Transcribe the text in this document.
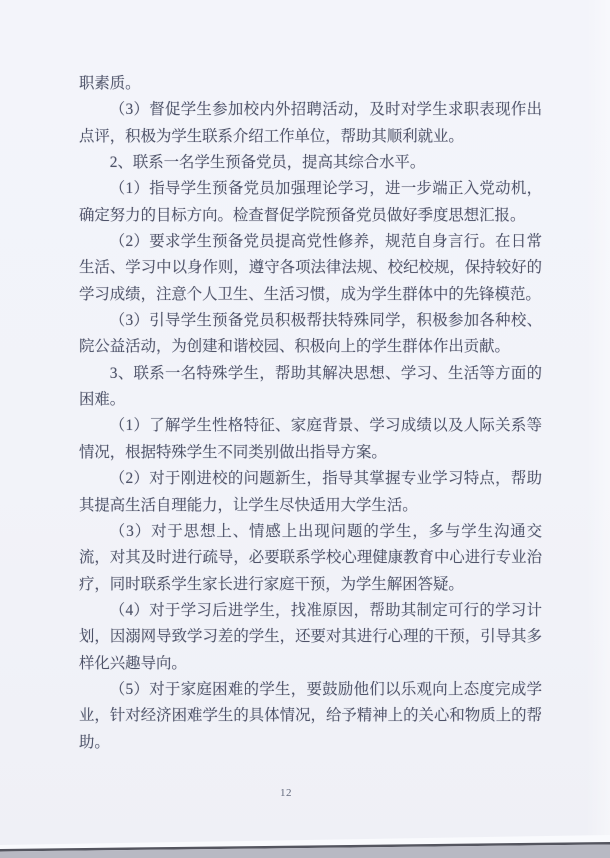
职素质。

（3）督促学生参加校内外招聘活动，及时对学生求职表现作出点评，积极为学生联系介绍工作单位，帮助其顺利就业。

2、联系一名学生预备党员，提高其综合水平。

（1）指导学生预备党员加强理论学习，进一步端正入党动机，确定努力的目标方向。检查督促学院预备党员做好季度思想汇报。

（2）要求学生预备党员提高党性修养，规范自身言行。在日常生活、学习中以身作则，遵守各项法律法规、校纪校规，保持较好的学习成绩，注意个人卫生、生活习惯，成为学生群体中的先锋模范。

（3）引导学生预备党员积极帮扶特殊同学，积极参加各种校、院公益活动，为创建和谐校园、积极向上的学生群体作出贡献。

3、联系一名特殊学生，帮助其解决思想、学习、生活等方面的困难。

（1）了解学生性格特征、家庭背景、学习成绩以及人际关系等情况，根据特殊学生不同类别做出指导方案。

（2）对于刚进校的问题新生，指导其掌握专业学习特点，帮助其提高生活自理能力，让学生尽快适用大学生活。

（3）对于思想上、情感上出现问题的学生，多与学生沟通交流，对其及时进行疏导，必要联系学校心理健康教育中心进行专业治疗，同时联系学生家长进行家庭干预，为学生解困答疑。

（4）对于学习后进学生，找准原因，帮助其制定可行的学习计划，因溺网导致学习差的学生，还要对其进行心理的干预，引导其多样化兴趣导向。

（5）对于家庭困难的学生，要鼓励他们以乐观向上态度完成学业，针对经济困难学生的具体情况，给予精神上的关心和物质上的帮助。

12
